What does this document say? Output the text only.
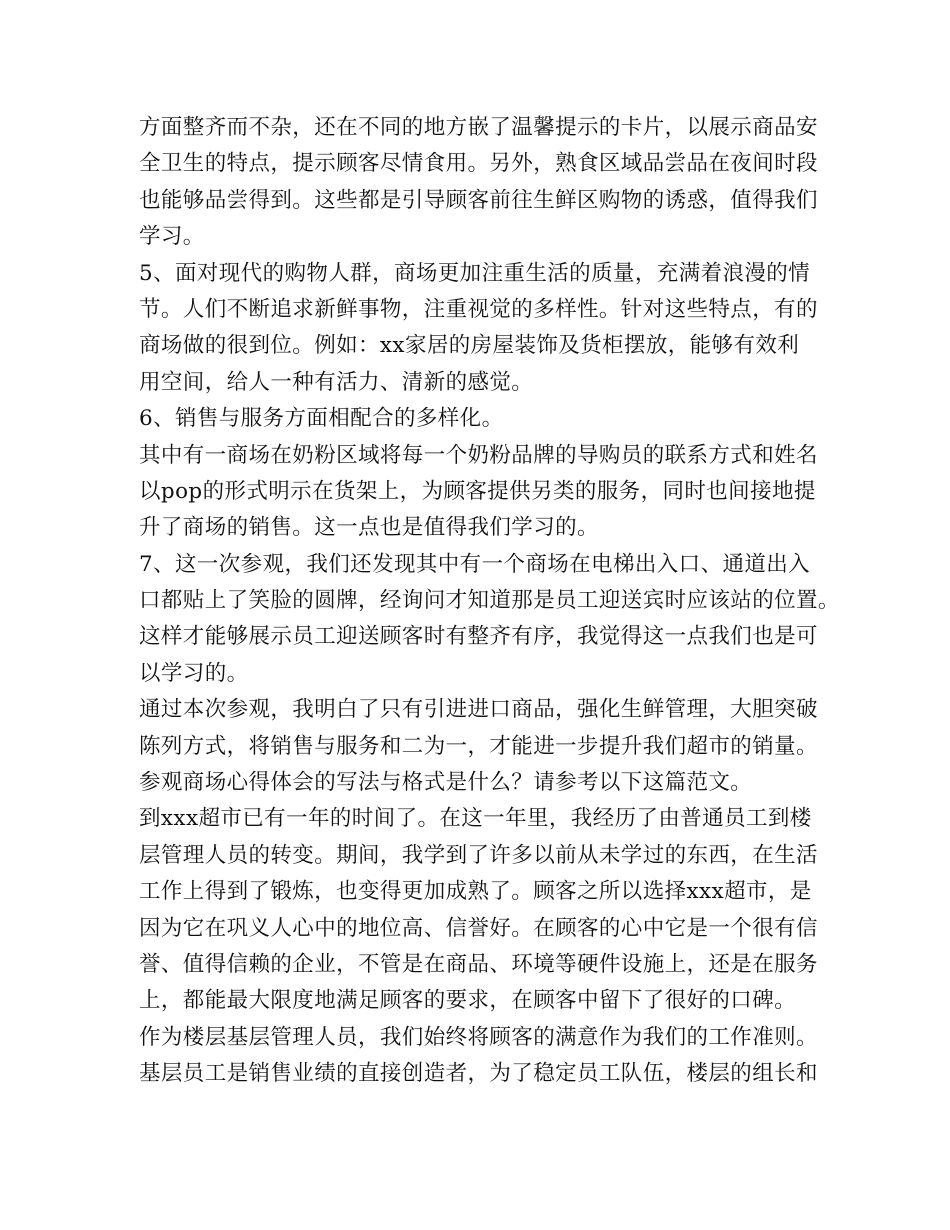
方面整齐而不杂，还在不同的地方嵌了温馨提示的卡片，以展示商品安
全卫生的特点，提示顾客尽情食用。另外，熟食区域品尝品在夜间时段
也能够品尝得到。这些都是引导顾客前往生鲜区购物的诱惑，值得我们
学习。
5、面对现代的购物人群，商场更加注重生活的质量，充满着浪漫的情
节。人们不断追求新鲜事物，注重视觉的多样性。针对这些特点，有的
商场做的很到位。例如：xx家居的房屋装饰及货柜摆放，能够有效利
用空间，给人一种有活力、清新的感觉。
6、销售与服务方面相配合的多样化。
其中有一商场在奶粉区域将每一个奶粉品牌的导购员的联系方式和姓名
以pop的形式明示在货架上，为顾客提供另类的服务，同时也间接地提
升了商场的销售。这一点也是值得我们学习的。
7、这一次参观，我们还发现其中有一个商场在电梯出入口、通道出入
口都贴上了笑脸的圆牌，经询问才知道那是员工迎送宾时应该站的位置。
这样才能够展示员工迎送顾客时有整齐有序，我觉得这一点我们也是可
以学习的。
通过本次参观，我明白了只有引进进口商品，强化生鲜管理，大胆突破
陈列方式，将销售与服务和二为一，才能进一步提升我们超市的销量。
参观商场心得体会的写法与格式是什么？请参考以下这篇范文。
到xxx超市已有一年的时间了。在这一年里，我经历了由普通员工到楼
层管理人员的转变。期间，我学到了许多以前从未学过的东西，在生活
工作上得到了锻炼，也变得更加成熟了。顾客之所以选择xxx超市，是
因为它在巩义人心中的地位高、信誉好。在顾客的心中它是一个很有信
誉、值得信赖的企业，不管是在商品、环境等硬件设施上，还是在服务
上，都能最大限度地满足顾客的要求，在顾客中留下了很好的口碑。
作为楼层基层管理人员，我们始终将顾客的满意作为我们的工作准则。
基层员工是销售业绩的直接创造者，为了稳定员工队伍，楼层的组长和
